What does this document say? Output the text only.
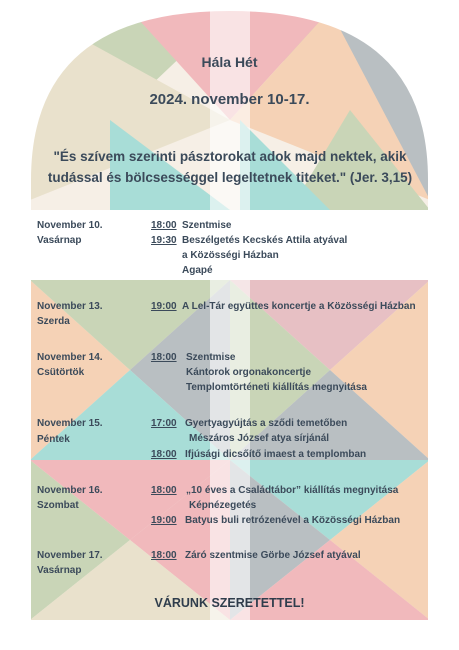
Hála Hét
2024. november 10-17.
"És szívem szerinti pásztorokat adok majd nektek, akik tudással és bölcsességgel legeltetnek titeket." (Jer. 3,15)
November 10.
Vasárnap
18:00 Szentmise
19:30 Beszélgetés Kecskés Attila atyával
a Közösségi Házban
Agapé
November 13.
Szerda
19:00 A Lel-Tár együttes koncertje a Közösségi Házban
November 14.
Csütörtök
18:00 Szentmise
Kántorok orgonakoncertje
Templomtörténeti kiállítás megnyitása
November 15.
Péntek
17:00 Gyertyagyújtás a sződi temetőben
Mészáros József atya sírjánál
18:00 Ifjúsági dicsőítő imaest a templomban
November 16.
Szombat
18:00 „10 éves a Családtábor” kiállítás megnyitása
Képnézegetés
19:00 Batyus buli retrózenével a Közösségi Házban
November 17.
Vasárnap
18:00 Záró szentmise Görbe József atyával
VÁRUNK SZERETETTEL!
